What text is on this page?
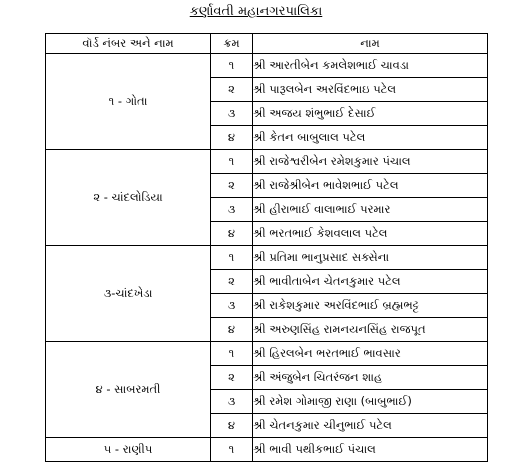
કર્ણાવતી મહાનગરપાલિકા
વૉર્ડ નંબર અને નામ	ક્રમ	નામ
૧ - ગોતા	૧	શ્રી આરતીબેન કમલેશભાઈ ચાવડા
	૨	શ્રી પારૂલબેન અરવિંદભાઇ પટેલ
	૩	શ્રી અજય શંભુભાઈ દેસાઈ
	૪	શ્રી કેતન બાબુલાલ પટેલ
૨ - ચાંદલોડિયા	૧	શ્રી રાજેશ્વરીબેન રમેશકુમાર પંચાલ
	૨	શ્રી રાજેશ્રીબેન ભાવેશભાઈ પટેલ
	૩	શ્રી હીરાભાઈ વાલાભાઈ પરમાર
	૪	શ્રી ભરતભાઈ કેશવલાલ પટેલ
૩-ચાંદખેડા	૧	શ્રી પ્રતિમા ભાનુપ્રસાદ સક્સેના
	૨	શ્રી ભાવીતાબેન ચેતનકુમાર પટેલ
	૩	શ્રી રાકેશકુમાર અરવિંદભાઈ બ્રહ્મભટ્ટ
	૪	શ્રી અરુણસિંહ રામનયનસિંહ રાજપૂત
૪ - સાબરમતી	૧	શ્રી હિરલબેન ભરતભાઈ ભાવસાર
	૨	શ્રી અંજુબેન ચિતરંજન શાહ
	૩	શ્રી રમેશ ગોમાજી રાણા (બાબુભાઈ)
	૪	શ્રી ચેતનકુમાર ચીનુભાઈ પટેલ
૫ - રાણીપ	૧	શ્રી ભાવી પથીકભાઈ પંચાલ
